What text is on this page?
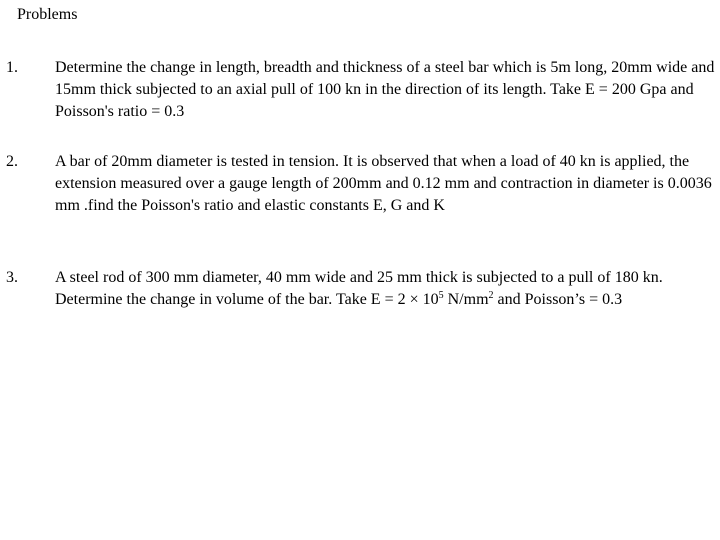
Problems
1. Determine the change in length, breadth and thickness of a steel bar which is 5m long, 20mm wide and 15mm thick subjected to an axial pull of 100 kn in the direction of its length. Take E = 200 Gpa and Poisson's ratio = 0.3
2. A bar of 20mm diameter is tested in tension. It is observed that when a load of 40 kn is applied, the extension measured over a gauge length of 200mm and 0.12 mm and contraction in diameter is 0.0036 mm .find the Poisson's ratio and elastic constants E, G and K
3. A steel rod of 300 mm diameter, 40 mm wide and 25 mm thick is subjected to a pull of 180 kn. Determine the change in volume of the bar. Take $E = 2 \times 10^5$ $N/mm^2$ and Poisson’s = 0.3
